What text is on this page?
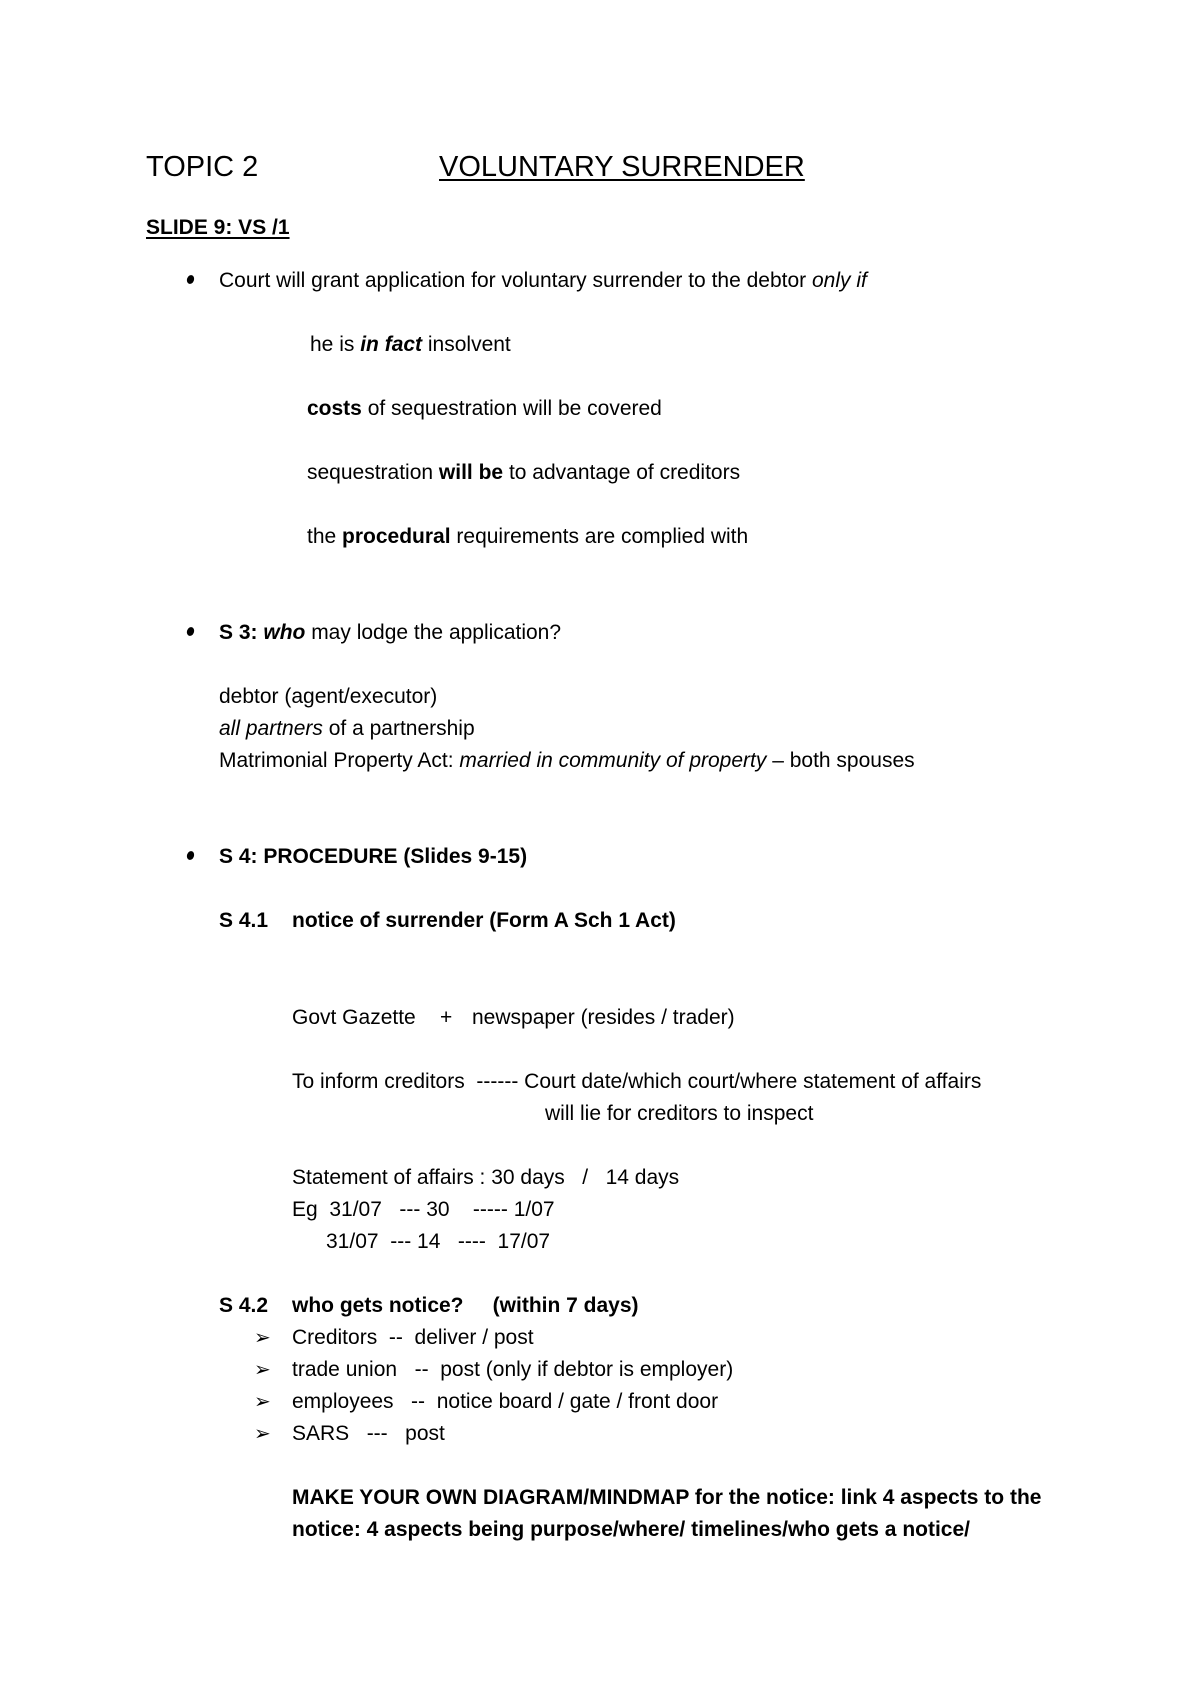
TOPIC 2	VOLUNTARY SURRENDER
SLIDE 9: VS /1
Court will grant application for voluntary surrender to the debtor only if
he is in fact insolvent
costs of sequestration will be covered
sequestration will be to advantage of creditors
the procedural requirements are complied with
S 3: who may lodge the application?
debtor (agent/executor)
all partners of a partnership
Matrimonial Property Act: married in community of property – both spouses
S 4: PROCEDURE (Slides 9-15)
S 4.1 notice of surrender (Form A Sch 1 Act)
Govt Gazette + newspaper (resides / trader)
To inform creditors  ------ Court date/which court/where statement of affairs
will lie for creditors to inspect
Statement of affairs : 30 days   /   14 days
Eg  31/07   --- 30    ----- 1/07
31/07  --- 14   ----  17/07
S 4.2 who gets notice?     (within 7 days)
➢ Creditors  --  deliver / post
➢ trade union   --  post (only if debtor is employer)
➢ employees   --  notice board / gate / front door
➢ SARS   ---   post
MAKE YOUR OWN DIAGRAM/MINDMAP for the notice: link 4 aspects to the
notice: 4 aspects being purpose/where/ timelines/who gets a notice/
